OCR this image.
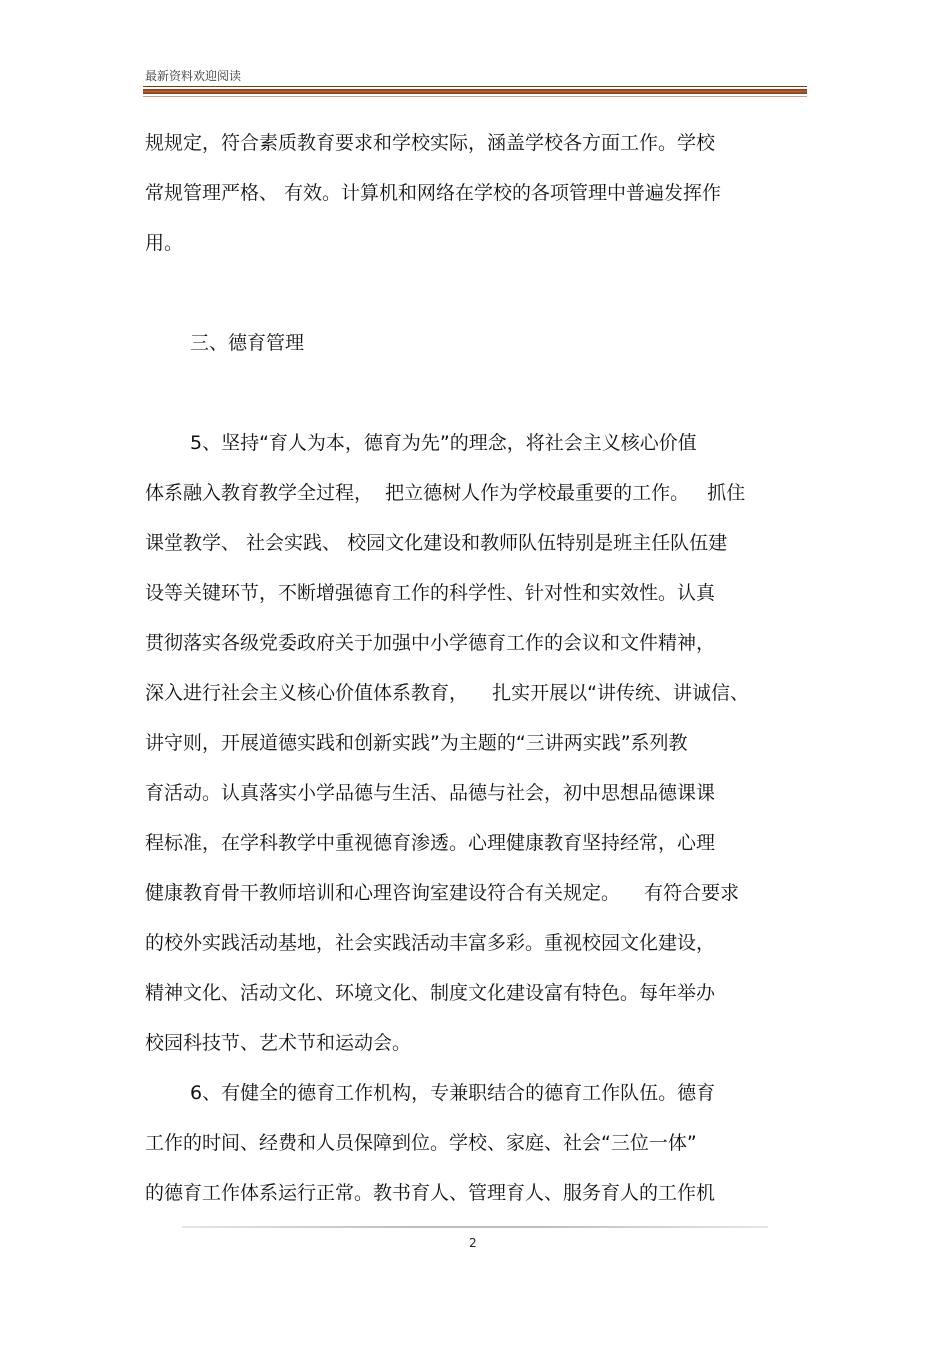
最新资料欢迎阅读
规规定，符合素质教育要求和学校实际，涵盖学校各方面工作。学校
常规管理严格、 有效。计算机和网络在学校的各项管理中普遍发挥作
用。
三、德育管理
5、坚持“育人为本，德育为先”的理念，将社会主义核心价值
体系融入教育教学全过程，  把立德树人作为学校最重要的工作。   抓住
课堂教学、 社会实践、 校园文化建设和教师队伍特别是班主任队伍建
设等关键环节，不断增强德育工作的科学性、针对性和实效性。认真
贯彻落实各级党委政府关于加强中小学德育工作的会议和文件精神，
深入进行社会主义核心价值体系教育，    扎实开展以“讲传统、讲诚信、
讲守则，开展道德实践和创新实践”为主题的“三讲两实践”系列教
育活动。认真落实小学品德与生活、品德与社会，初中思想品德课课
程标准，在学科教学中重视德育渗透。心理健康教育坚持经常，心理
健康教育骨干教师培训和心理咨询室建设符合有关规定。    有符合要求
的校外实践活动基地，社会实践活动丰富多彩。重视校园文化建设，
精神文化、活动文化、环境文化、制度文化建设富有特色。每年举办
校园科技节、艺术节和运动会。
6、有健全的德育工作机构，专兼职结合的德育工作队伍。德育
工作的时间、经费和人员保障到位。学校、家庭、社会“三位一体”
的德育工作体系运行正常。教书育人、管理育人、服务育人的工作机
2
